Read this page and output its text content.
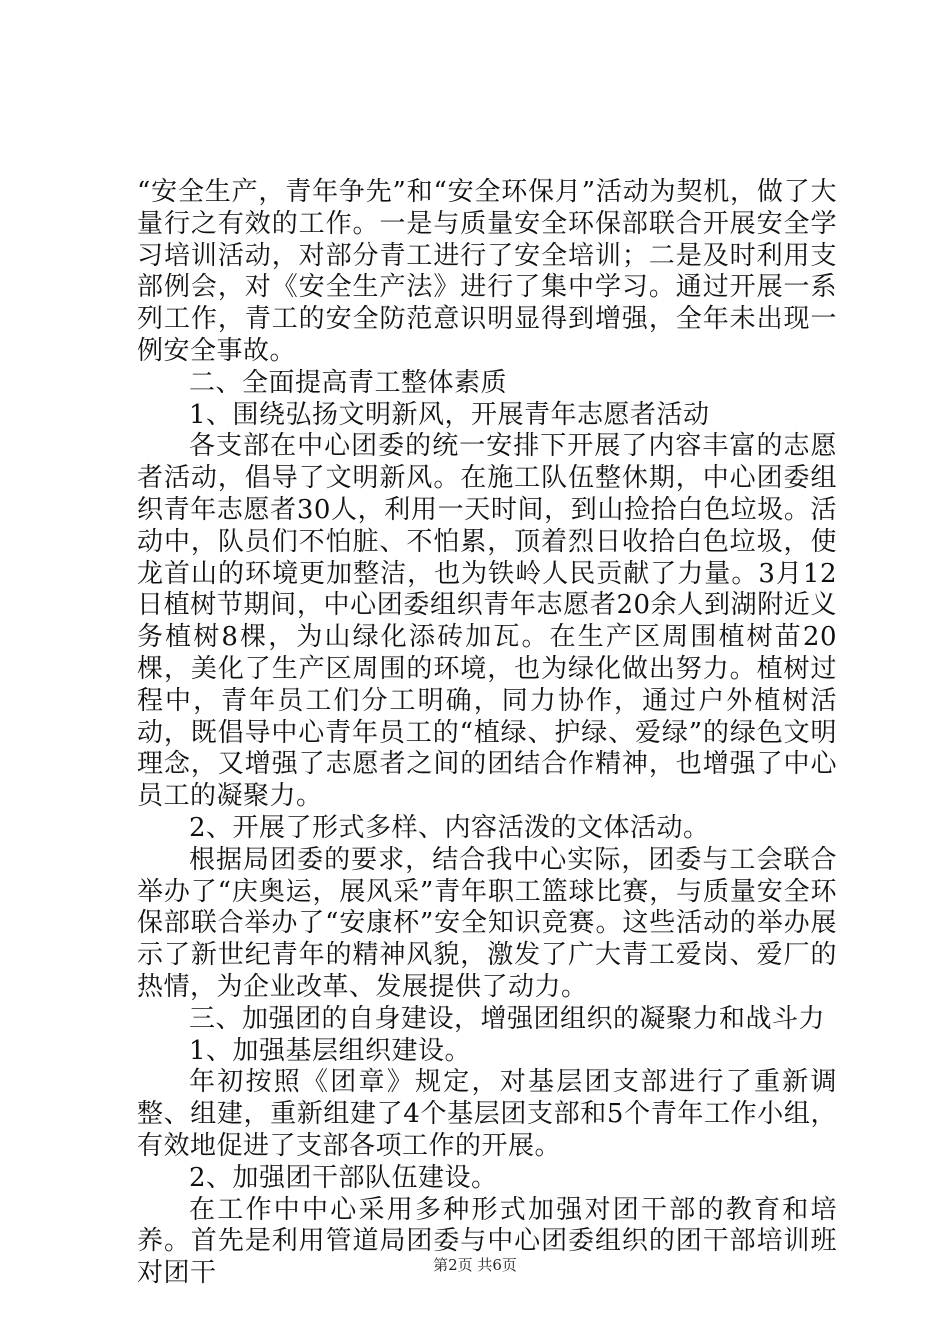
“安全生产，青年争先”和“安全环保月”活动为契机，做了大量行之有效的工作。一是与质量安全环保部联合开展安全学习培训活动，对部分青工进行了安全培训；二是及时利用支部例会，对《安全生产法》进行了集中学习。通过开展一系列工作，青工的安全防范意识明显得到增强，全年未出现一例安全事故。

二、全面提高青工整体素质

1、围绕弘扬文明新风，开展青年志愿者活动

各支部在中心团委的统一安排下开展了内容丰富的志愿者活动，倡导了文明新风。在施工队伍整休期，中心团委组织青年志愿者30人，利用一天时间，到山捡拾白色垃圾。活动中，队员们不怕脏、不怕累，顶着烈日收拾白色垃圾，使龙首山的环境更加整洁，也为铁岭人民贡献了力量。3月12日植树节期间，中心团委组织青年志愿者20余人到湖附近义务植树8棵，为山绿化添砖加瓦。在生产区周围植树苗20棵，美化了生产区周围的环境，也为绿化做出努力。植树过程中，青年员工们分工明确，同力协作，通过户外植树活动，既倡导中心青年员工的“植绿、护绿、爱绿”的绿色文明理念，又增强了志愿者之间的团结合作精神，也增强了中心员工的凝聚力。

2、开展了形式多样、内容活泼的文体活动。

根据局团委的要求，结合我中心实际，团委与工会联合举办了“庆奥运，展风采”青年职工篮球比赛，与质量安全环保部联合举办了“安康杯”安全知识竞赛。这些活动的举办展示了新世纪青年的精神风貌，激发了广大青工爱岗、爱厂的热情，为企业改革、发展提供了动力。

三、加强团的自身建设，增强团组织的凝聚力和战斗力

1、加强基层组织建设。

年初按照《团章》规定，对基层团支部进行了重新调整、组建，重新组建了4个基层团支部和5个青年工作小组，有效地促进了支部各项工作的开展。

2、加强团干部队伍建设。

在工作中中心采用多种形式加强对团干部的教育和培养。首先是利用管道局团委与中心团委组织的团干部培训班对团干	第2页 共6页
